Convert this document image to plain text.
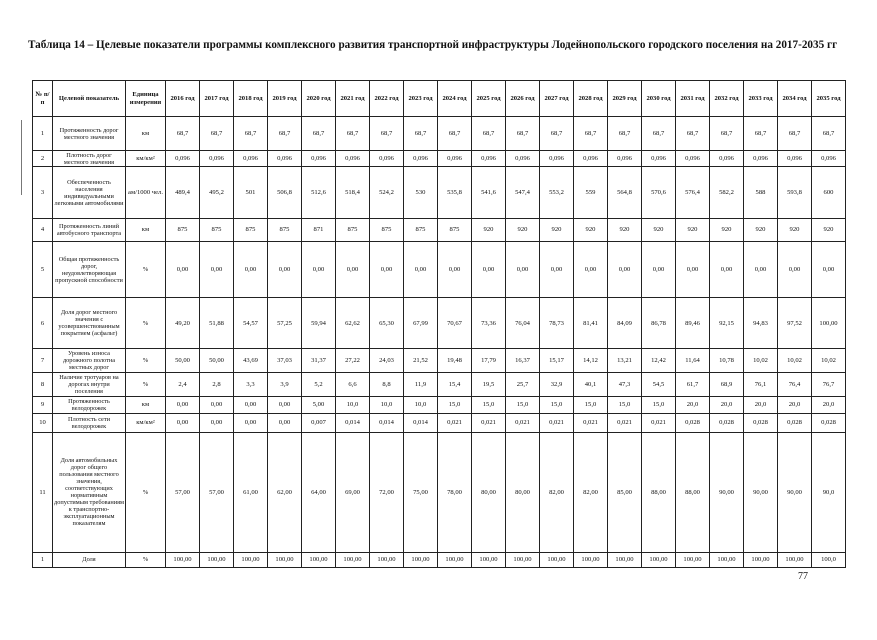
Таблица 14 – Целевые показатели программы комплексного развития транспортной инфраструктуры Лодейнопольского городского поселения на 2017-2035 гг
№ п/п	Целевой показатель	Единица измерения	2016 год	2017 год	2018 год	2019 год	2020 год	2021 год	2022 год	2023 год	2024 год	2025 год	2026 год	2027 год	2028 год	2029 год	2030 год	2031 год	2032 год	2033 год	2034 год	2035 год
1	Протяженность дорог местного значения	км	68,7	68,7	68,7	68,7	68,7	68,7	68,7	68,7	68,7	68,7	68,7	68,7	68,7	68,7	68,7	68,7	68,7	68,7	68,7	68,7
2	Плотность дорог местного значения	км/км²	0,096	0,096	0,096	0,096	0,096	0,096	0,096	0,096	0,096	0,096	0,096	0,096	0,096	0,096	0,096	0,096	0,096	0,096	0,096	0,096
3	Обеспеченность населения индивидуальными легковыми автомобилями	ам/1000 чел.	489,4	495,2	501	506,8	512,6	518,4	524,2	530	535,8	541,6	547,4	553,2	559	564,8	570,6	576,4	582,2	588	593,8	600
4	Протяженность линий автобусного транспорта	км	875	875	875	875	871	875	875	875	875	920	920	920	920	920	920	920	920	920	920	920
5	Общая протяженность дорог, неудовлетворяющая пропускной способности	%	0,00	0,00	0,00	0,00	0,00	0,00	0,00	0,00	0,00	0,00	0,00	0,00	0,00	0,00	0,00	0,00	0,00	0,00	0,00	0,00
6	Доля дорог местного значения с усовершенствованным покрытием (асфальт)	%	49,20	51,88	54,57	57,25	59,94	62,62	65,30	67,99	70,67	73,36	76,04	78,73	81,41	84,09	86,78	89,46	92,15	94,83	97,52	100,00
7	Уровень износа дорожного полотна местных дорог	%	50,00	50,00	43,69	37,03	31,37	27,22	24,03	21,52	19,48	17,79	16,37	15,17	14,12	13,21	12,42	11,64	10,78	10,02	10,02	10,02
8	Наличие тротуаров на дорогах внутри поселения	%	2,4	2,8	3,3	3,9	5,2	6,6	8,8	11,9	15,4	19,5	25,7	32,9	40,1	47,3	54,5	61,7	68,9	76,1	76,4	76,7
9	Протяженность велодорожек	км	0,00	0,00	0,00	0,00	5,00	10,0	10,0	10,0	15,0	15,0	15,0	15,0	15,0	15,0	15,0	20,0	20,0	20,0	20,0	20,0
10	Плотность сети велодорожек	км/км²	0,00	0,00	0,00	0,00	0,007	0,014	0,014	0,014	0,021	0,021	0,021	0,021	0,021	0,021	0,021	0,028	0,028	0,028	0,028	0,028
11	Доля автомобильных дорог общего пользования местного значения, соответствующих нормативным допустимым требованиям к транспортно-эксплуатационным показателям	%	57,00	57,00	61,00	62,00	64,00	69,00	72,00	75,00	78,00	80,00	80,00	82,00	82,00	85,00	88,00	88,00	90,00	90,00	90,00	90,0
1	Доля	%	100,00	100,00	100,00	100,00	100,00	100,00	100,00	100,00	100,00	100,00	100,00	100,00	100,00	100,00	100,00	100,00	100,00	100,00	100,00	100,0
77
